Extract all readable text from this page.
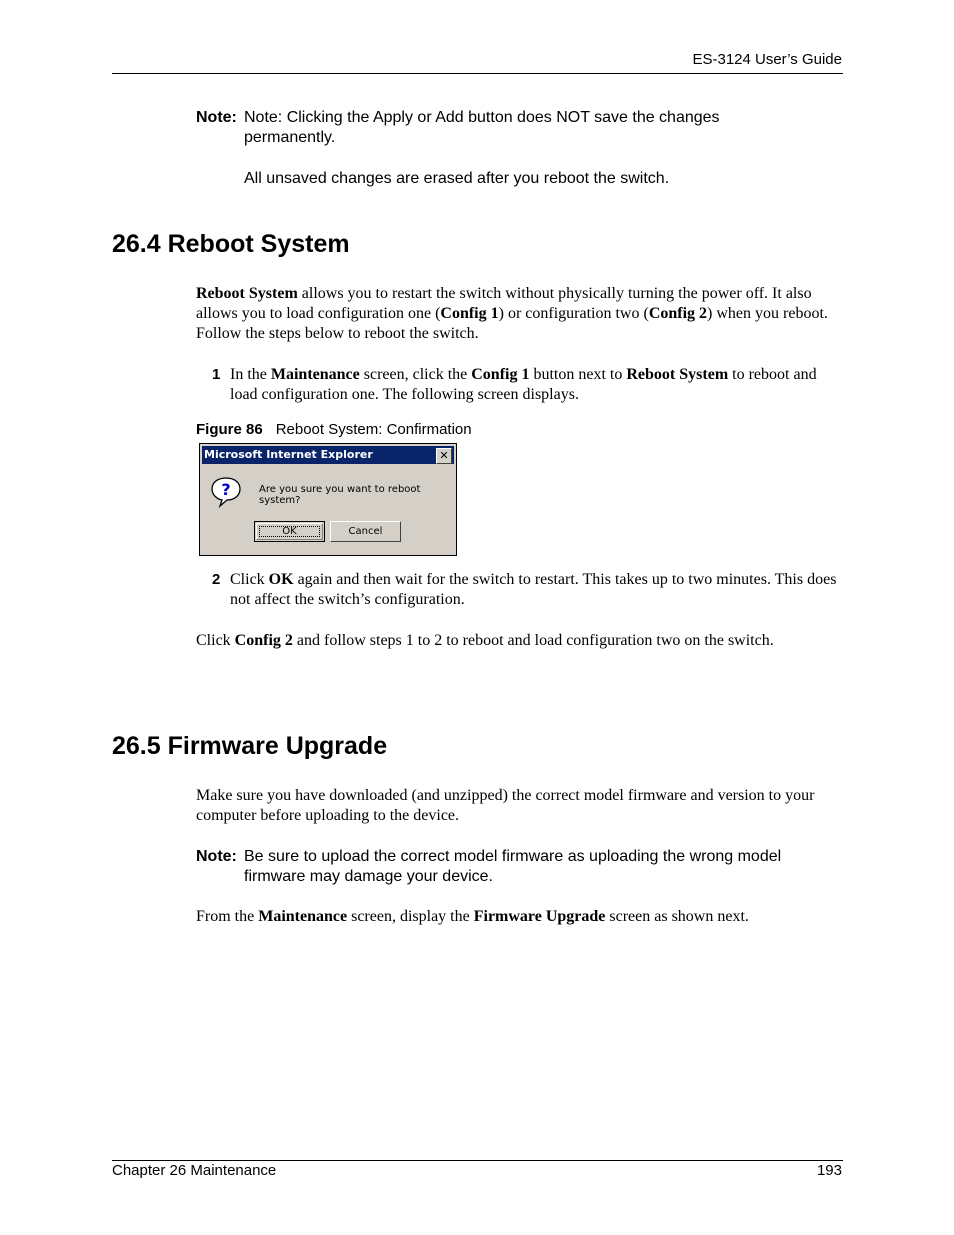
ES-3124 User’s Guide
Note: Note: Clicking the Apply or Add button does NOT save the changes
permanently.
All unsaved changes are erased after you reboot the switch.
26.4 Reboot System
Reboot System allows you to restart the switch without physically turning the power off. It also allows you to load configuration one (Config 1) or configuration two (Config 2) when you reboot. Follow the steps below to reboot the switch.
1 In the Maintenance screen, click the Config 1 button next to Reboot System to reboot and load configuration one. The following screen displays.
Figure 86 Reboot System: Confirmation
Microsoft Internet Explorer	✕
?	Are you sure you want to reboot system?
OK	Cancel
2 Click OK again and then wait for the switch to restart. This takes up to two minutes. This does not affect the switch’s configuration.
Click Config 2 and follow steps 1 to 2 to reboot and load configuration two on the switch.
26.5 Firmware Upgrade
Make sure you have downloaded (and unzipped) the correct model firmware and version to your computer before uploading to the device.
Note: Be sure to upload the correct model firmware as uploading the wrong model
firmware may damage your device.
From the Maintenance screen, display the Firmware Upgrade screen as shown next.
Chapter 26 Maintenance	193
